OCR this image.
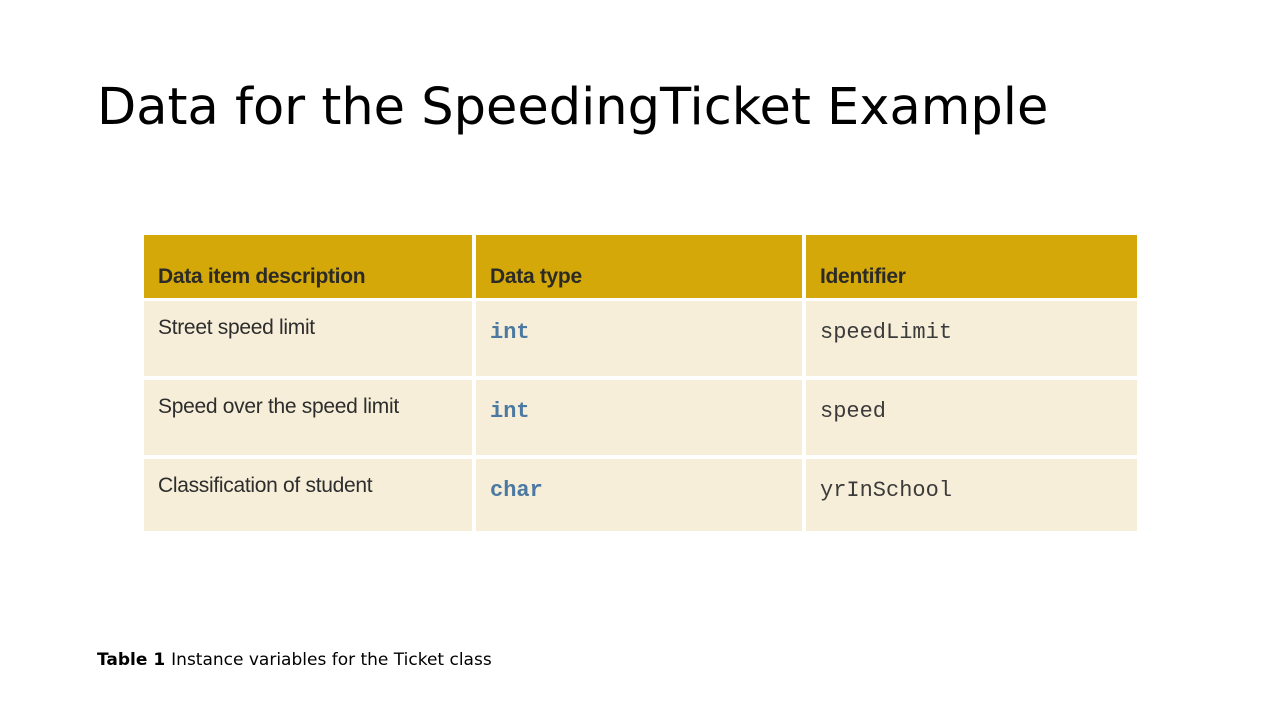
Data for the SpeedingTicket Example
Data item description	Data type	Identifier
Street speed limit	int	speedLimit
Speed over the speed limit	int	speed
Classification of student	char	yrInSchool

Table 1 Instance variables for the Ticket class
